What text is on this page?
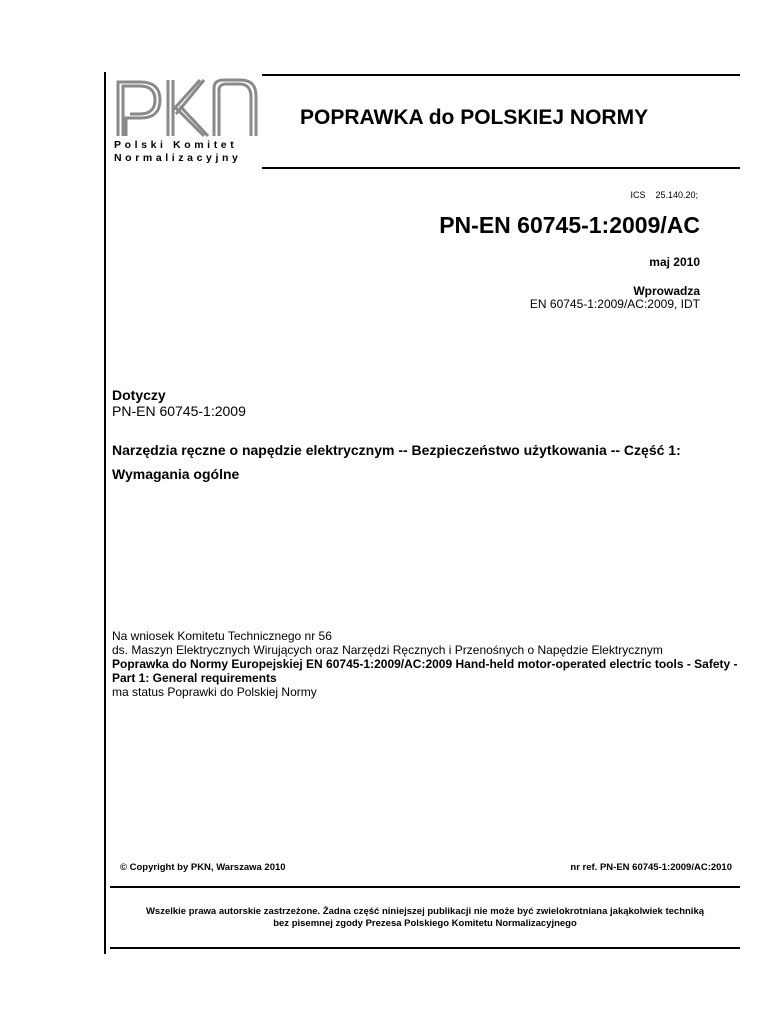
Polski Komitet
Normalizacyjny
POPRAWKA do POLSKIEJ NORMY
ICS 25.140.20;
PN-EN 60745-1:2009/AC
maj 2010
Wprowadza
EN 60745-1:2009/AC:2009, IDT
Dotyczy
PN-EN 60745-1:2009
Narzędzia ręczne o napędzie elektrycznym -- Bezpieczeństwo użytkowania -- Część 1: Wymagania ogólne
Na wniosek Komitetu Technicznego nr 56
ds. Maszyn Elektrycznych Wirujących oraz Narzędzi Ręcznych i Przenośnych o Napędzie Elektrycznym
Poprawka do Normy Europejskiej EN 60745-1:2009/AC:2009 Hand-held motor-operated electric tools - Safety - Part 1: General requirements
ma status Poprawki do Polskiej Normy
© Copyright by PKN, Warszawa 2010	nr ref. PN-EN 60745-1:2009/AC:2010
Wszelkie prawa autorskie zastrzeżone. Żadna część niniejszej publikacji nie może być zwielokrotniana jakąkolwiek techniką
bez pisemnej zgody Prezesa Polskiego Komitetu Normalizacyjnego
